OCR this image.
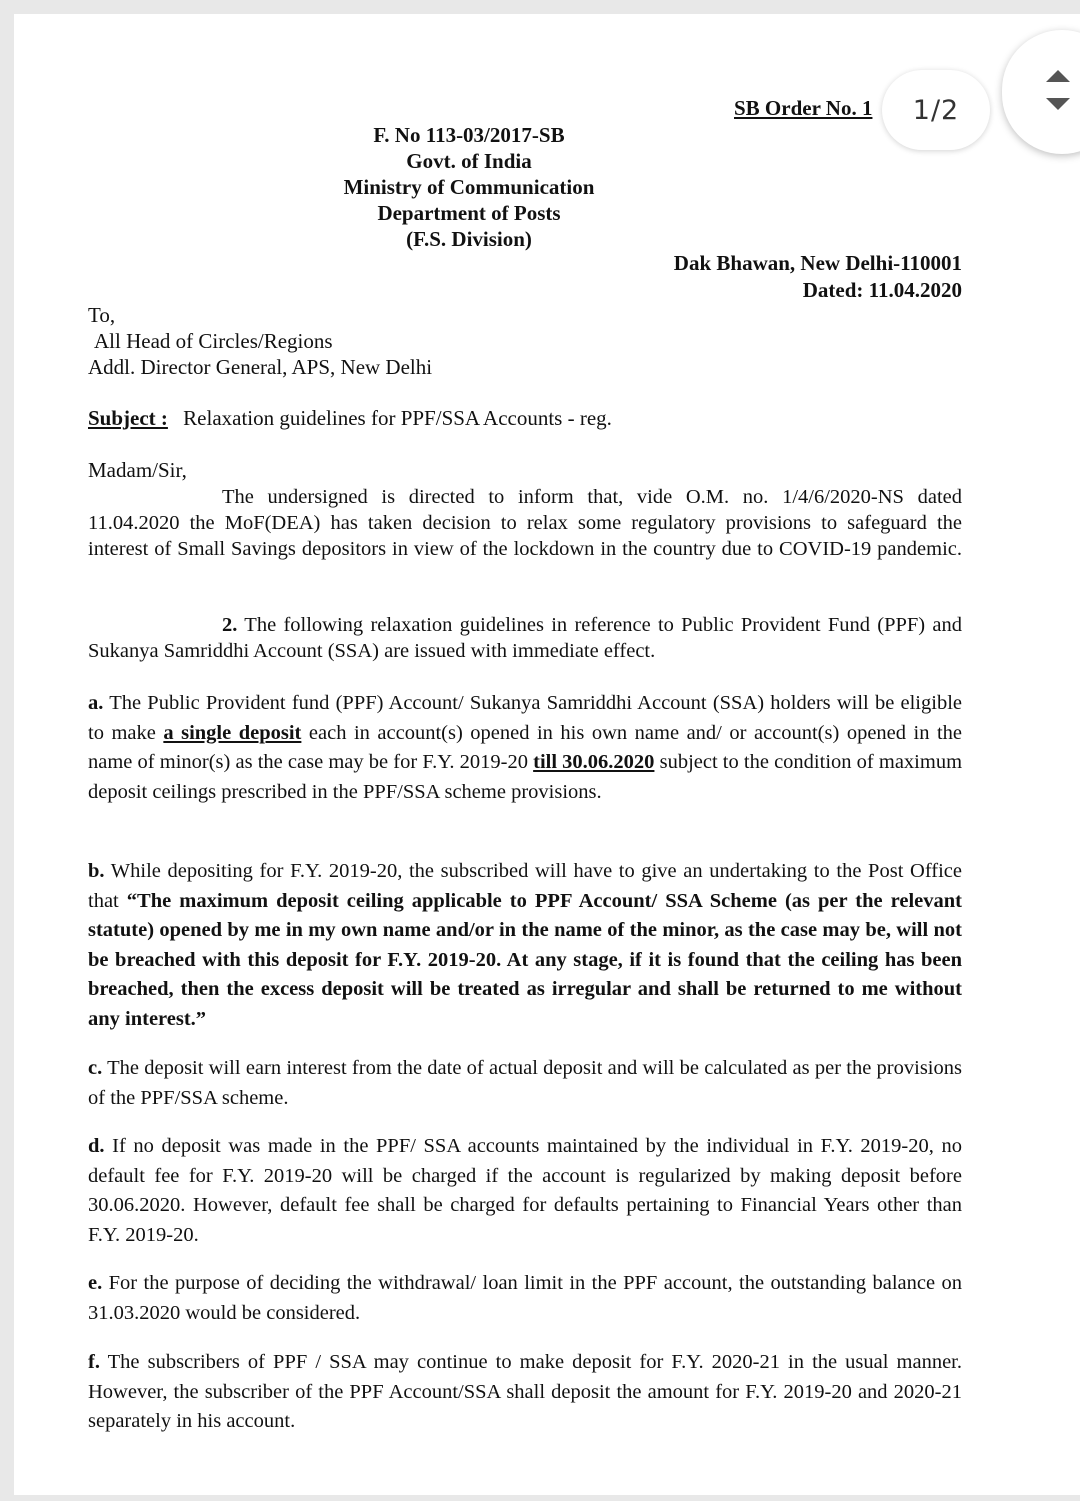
SB Order No. 1	1/2
F. No 113-03/2017-SB
Govt. of India
Ministry of Communication
Department of Posts
(F.S. Division)
Dak Bhawan, New Delhi-110001
Dated: 11.04.2020
To,
All Head of Circles/Regions
Addl. Director General, APS, New Delhi
Subject : Relaxation guidelines for PPF/SSA Accounts - reg.
Madam/Sir,
The undersigned is directed to inform that, vide O.M. no. 1/4/6/2020-NS dated 11.04.2020 the MoF(DEA) has taken decision to relax some regulatory provisions to safeguard the interest of Small Savings depositors in view of the lockdown in the country due to COVID-19 pandemic.
2. The following relaxation guidelines in reference to Public Provident Fund (PPF) and Sukanya Samriddhi Account (SSA) are issued with immediate effect.
a. The Public Provident fund (PPF) Account/ Sukanya Samriddhi Account (SSA) holders will be eligible to make a single deposit each in account(s) opened in his own name and/ or account(s) opened in the name of minor(s) as the case may be for F.Y. 2019-20 till 30.06.2020 subject to the condition of maximum deposit ceilings prescribed in the PPF/SSA scheme provisions.
b. While depositing for F.Y. 2019-20, the subscribed will have to give an undertaking to the Post Office that “The maximum deposit ceiling applicable to PPF Account/ SSA Scheme (as per the relevant statute) opened by me in my own name and/or in the name of the minor, as the case may be, will not be breached with this deposit for F.Y. 2019-20. At any stage, if it is found that the ceiling has been breached, then the excess deposit will be treated as irregular and shall be returned to me without any interest.”
c. The deposit will earn interest from the date of actual deposit and will be calculated as per the provisions of the PPF/SSA scheme.
d. If no deposit was made in the PPF/ SSA accounts maintained by the individual in F.Y. 2019-20, no default fee for F.Y. 2019-20 will be charged if the account is regularized by making deposit before 30.06.2020. However, default fee shall be charged for defaults pertaining to Financial Years other than F.Y. 2019-20.
e. For the purpose of deciding the withdrawal/ loan limit in the PPF account, the outstanding balance on 31.03.2020 would be considered.
f. The subscribers of PPF / SSA may continue to make deposit for F.Y. 2020-21 in the usual manner. However, the subscriber of the PPF Account/SSA shall deposit the amount for F.Y. 2019-20 and 2020-21 separately in his account.
